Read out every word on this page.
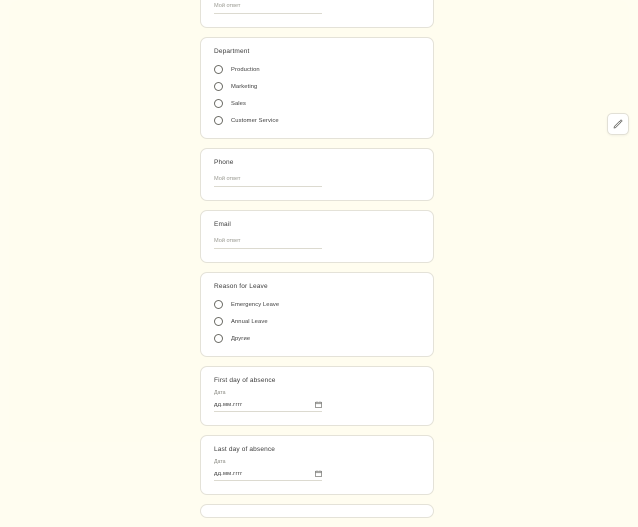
Мой ответ
Department
Production
Marketing
Sales
Customer Service
Phone
Мой ответ
Email
Мой ответ
Reason for Leave
Emergency Leave
Annual Leave
Другие
First day of absence
Дата
дд.мм.гггг
Last day of absence
Дата
дд.мм.гггг
